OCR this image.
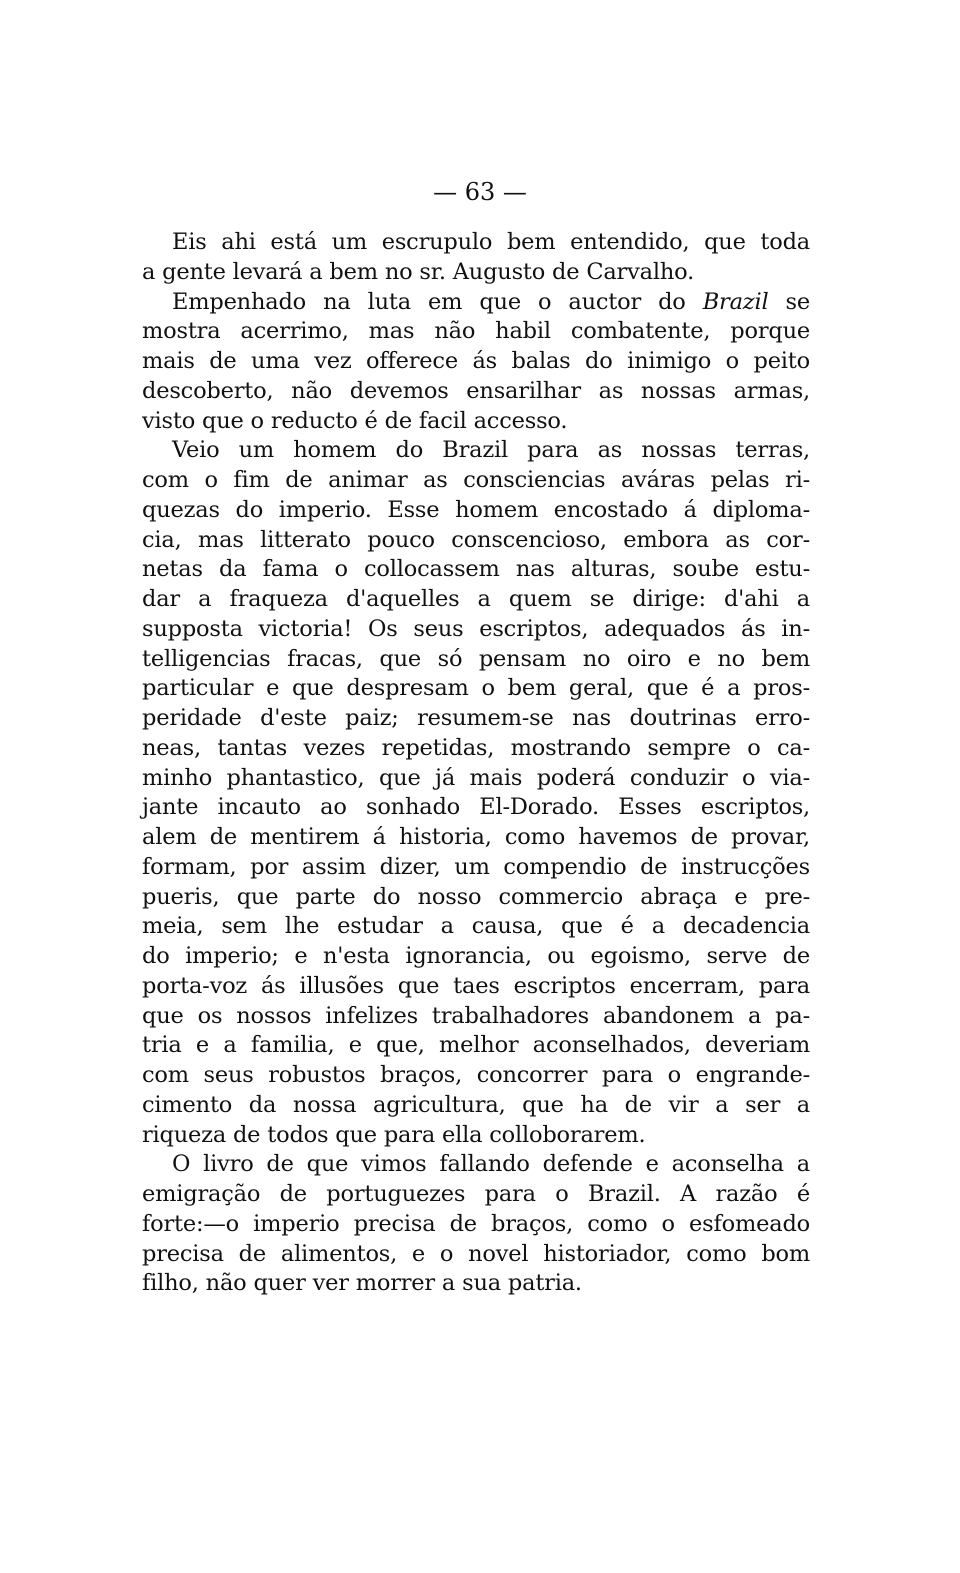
— 63 —
Eis ahi está um escrupulo bem entendido, que toda
a gente levará a bem no sr. Augusto de Carvalho.
Empenhado na luta em que o auctor do Brazil se
mostra acerrimo, mas não habil combatente, porque
mais de uma vez offerece ás balas do inimigo o peito
descoberto, não devemos ensarilhar as nossas armas,
visto que o reducto é de facil accesso.
Veio um homem do Brazil para as nossas terras,
com o fim de animar as consciencias aváras pelas ri-
quezas do imperio. Esse homem encostado á diploma-
cia, mas litterato pouco conscencioso, embora as cor-
netas da fama o collocassem nas alturas, soube estu-
dar a fraqueza d'aquelles a quem se dirige: d'ahi a
supposta victoria! Os seus escriptos, adequados ás in-
telligencias fracas, que só pensam no oiro e no bem
particular e que despresam o bem geral, que é a pros-
peridade d'este paiz; resumem-se nas doutrinas erro-
neas, tantas vezes repetidas, mostrando sempre o ca-
minho phantastico, que já mais poderá conduzir o via-
jante incauto ao sonhado El-Dorado. Esses escriptos,
alem de mentirem á historia, como havemos de provar,
formam, por assim dizer, um compendio de instrucções
pueris, que parte do nosso commercio abraça e pre-
meia, sem lhe estudar a causa, que é a decadencia
do imperio; e n'esta ignorancia, ou egoismo, serve de
porta-voz ás illusões que taes escriptos encerram, para
que os nossos infelizes trabalhadores abandonem a pa-
tria e a familia, e que, melhor aconselhados, deveriam
com seus robustos braços, concorrer para o engrande-
cimento da nossa agricultura, que ha de vir a ser a
riqueza de todos que para ella colloborarem.
O livro de que vimos fallando defende e aconselha a
emigração de portuguezes para o Brazil. A razão é
forte:—o imperio precisa de braços, como o esfomeado
precisa de alimentos, e o novel historiador, como bom
filho, não quer ver morrer a sua patria.
